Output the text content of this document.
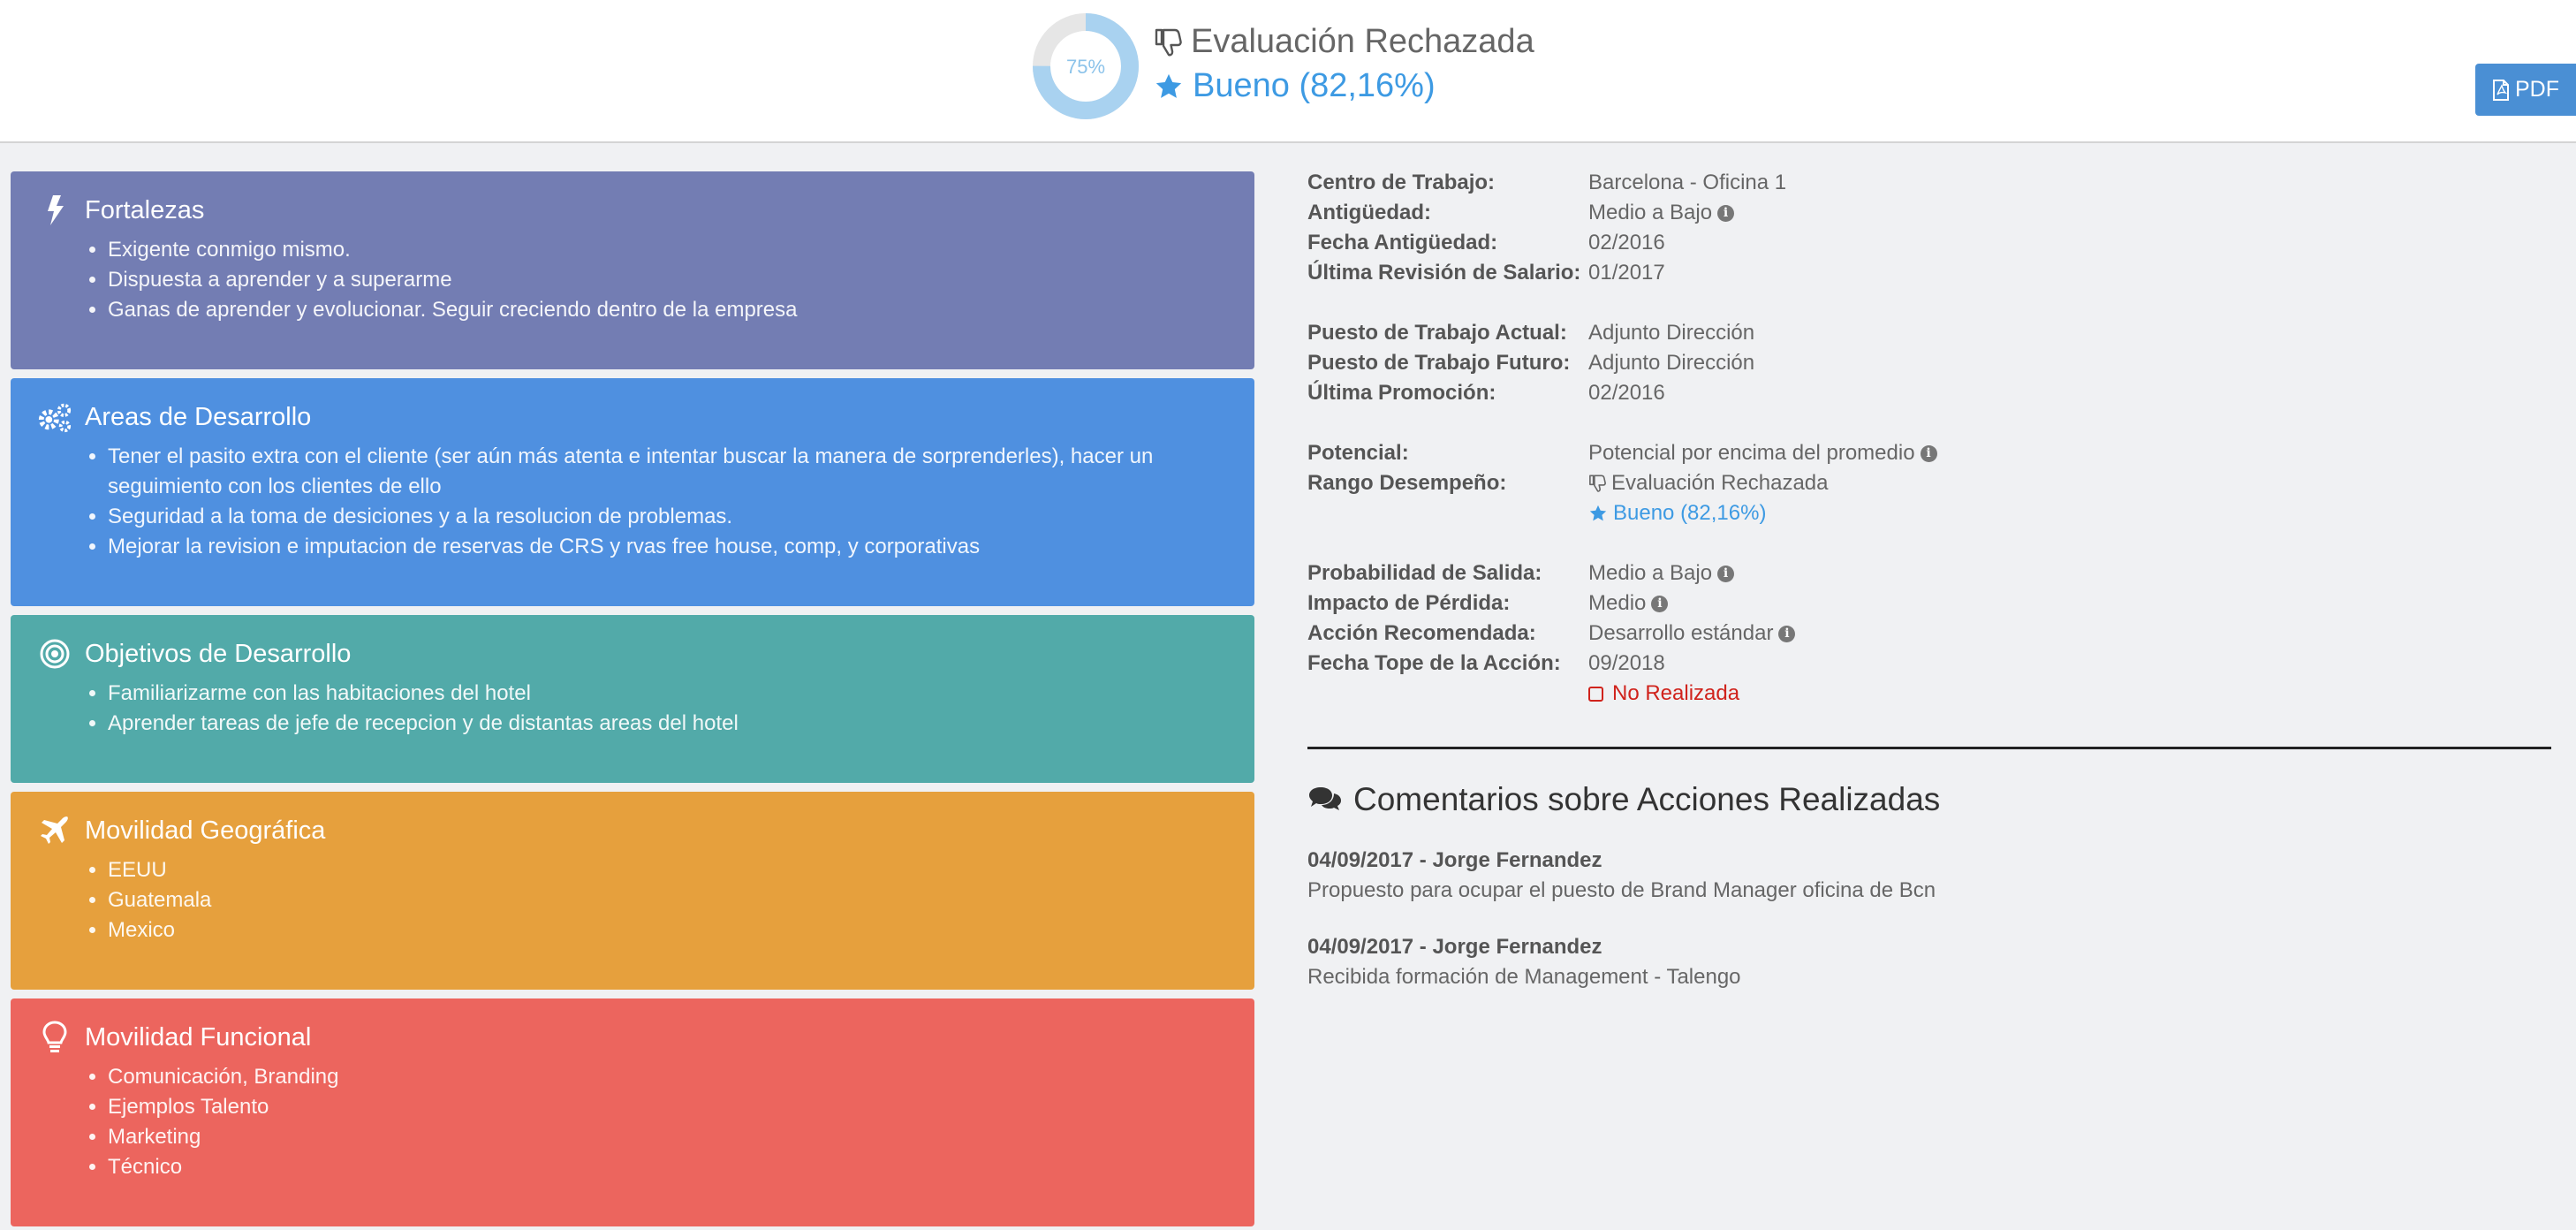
75%
Evaluación Rechazada
Bueno (82,16%)	PDF
Fortalezas
• Exigente conmigo mismo.
• Dispuesta a aprender y a superarme
• Ganas de aprender y evolucionar. Seguir creciendo dentro de la empresa
Areas de Desarrollo
• Tener el pasito extra con el cliente (ser aún más atenta e intentar buscar la manera de sorprenderles), hacer un seguimiento con los clientes de ello
• Seguridad a la toma de desiciones y a la resolucion de problemas.
• Mejorar la revision e imputacion de reservas de CRS y rvas free house, comp, y corporativas
Objetivos de Desarrollo
• Familiarizarme con las habitaciones del hotel
• Aprender tareas de jefe de recepcion y de distantas areas del hotel
Movilidad Geográfica
• EEUU
• Guatemala
• Mexico
Movilidad Funcional
• Comunicación, Branding
• Ejemplos Talento
• Marketing
• Técnico
Centro de Trabajo:	Barcelona - Oficina 1
Antigüedad:	Medio a Bajo i
Fecha Antigüedad:	02/2016
Última Revisión de Salario: 01/2017
Puesto de Trabajo Actual: Adjunto Dirección
Puesto de Trabajo Futuro: Adjunto Dirección
Última Promoción:	02/2016
Potencial:	Potencial por encima del promedio i
Rango Desempeño:	Evaluación Rechazada
Bueno (82,16%)
Probabilidad de Salida: Medio a Bajo i
Impacto de Pérdida:	Medio i
Acción Recomendada: Desarrollo estándar i
Fecha Tope de la Acción: 09/2018
No Realizada
Comentarios sobre Acciones Realizadas
04/09/2017 - Jorge Fernandez
Propuesto para ocupar el puesto de Brand Manager oficina de Bcn
04/09/2017 - Jorge Fernandez
Recibida formación de Management - Talengo
